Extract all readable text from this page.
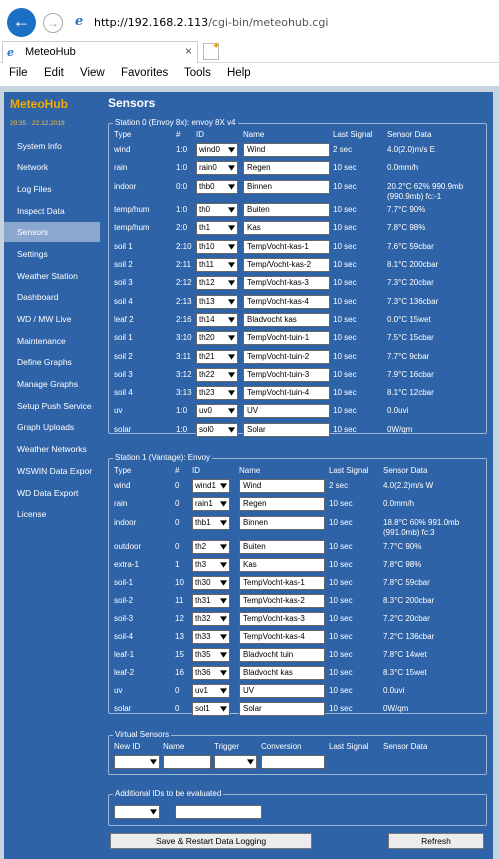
←	→	e http://192.168.2.113/cgi-bin/meteohub.cgi
e MeteoHub	× ✦
File Edit View Favorites Tools Help
MeteoHub
20:35 · 22.12.2019
System Info
Network
Log Files
Inspect Data
Sensors
Settings
Weather Station
Dashboard
WD / MW Live
Maintenance
Define Graphs
Manage Graphs
Setup Push Service
Graph Uploads
Weather Networks
WSWIN Data Expor
WD Data Export
License
Sensors
Station 0 (Envoy 8x): envoy 8X v4
Type	# ID	Name	Last Signal Sensor Data
wind	1:0	wind0	Wind	2 sec	4.0(2.0)m/s E
rain	1:0	rain0	Regen	10 sec	0.0mm/h
indoor	0:0	thb0	Binnen	10 sec	20.2°C 62% 990.9mb
(990.9mb) fc:-1
temp/hum	1:0	th0	Buiten	10 sec	7.7°C 90%
temp/hum	2:0	th1	Kas	10 sec	7.8°C 98%
soil 1	2:10 th10	TempVocht-kas-1	10 sec	7.6°C 59cbar
soil 2	2:11	th11	Temp/Vocht-kas-2	10 sec	8.1°C 200cbar
soil 3	2:12 th12	TempVocht-kas-3	10 sec	7.3°C 20cbar
soil 4	2:13 th13	TempVocht-kas-4	10 sec	7.3°C 136cbar
leaf 2	2:16 th14	Bladvocht kas	10 sec	0.0°C 15wet
soil 1	3:10 th20	TempVocht-tuin-1	10 sec	7.5°C 15cbar
soil 2	3:11	th21	TempVocht-tuin-2	10 sec	7.7°C 9cbar
soil 3	3:12 th22	TempVocht-tuin-3	10 sec	7.9°C 16cbar
soil 4	3:13 th23	TempVocht-tuin-4	10 sec	8.1°C 12cbar
uv	1:0	uv0	UV	10 sec	0.0uvi
solar	1:0	sol0	Solar	10 sec	0W/qm
Station 1 (Vantage): Envoy
Type	# ID	Name	Last Signal Sensor Data
wind	0	wind1	Wind	2 sec	4.0(2.2)m/s W
rain	0	rain1	Regen	10 sec	0.0mm/h
indoor	0	thb1	Binnen	10 sec	18.8°C 60% 991.0mb
(991.0mb) fc:3
outdoor	0	th2	Buiten	10 sec	7.7°C 90%
extra-1	1	th3	Kas	10 sec	7.8°C 98%
soil-1	10	th30	TempVocht-kas-1	10 sec	7.8°C 59cbar
soil-2	11	th31	TempVocht-kas-2	10 sec	8.3°C 200cbar
soil-3	12	th32	TempVocht-kas-3	10 sec	7.2°C 20cbar
soil-4	13	th33	TempVocht-kas-4	10 sec	7.2°C 136cbar
leaf-1	15	th35	Bladvocht tuin	10 sec	7.8°C 14wet
leaf-2	16	th36	Bladvocht kas	10 sec	8.3°C 15wet
uv	0	uv1	UV	10 sec	0.0uvi
solar	0	sol1	Solar	10 sec	0W/qm
Virtual Sensors
New ID	Name	Trigger	Conversion	Last Signal Sensor Data
Additional IDs to be evaluated
Save & Restart Data Logging	Refresh
